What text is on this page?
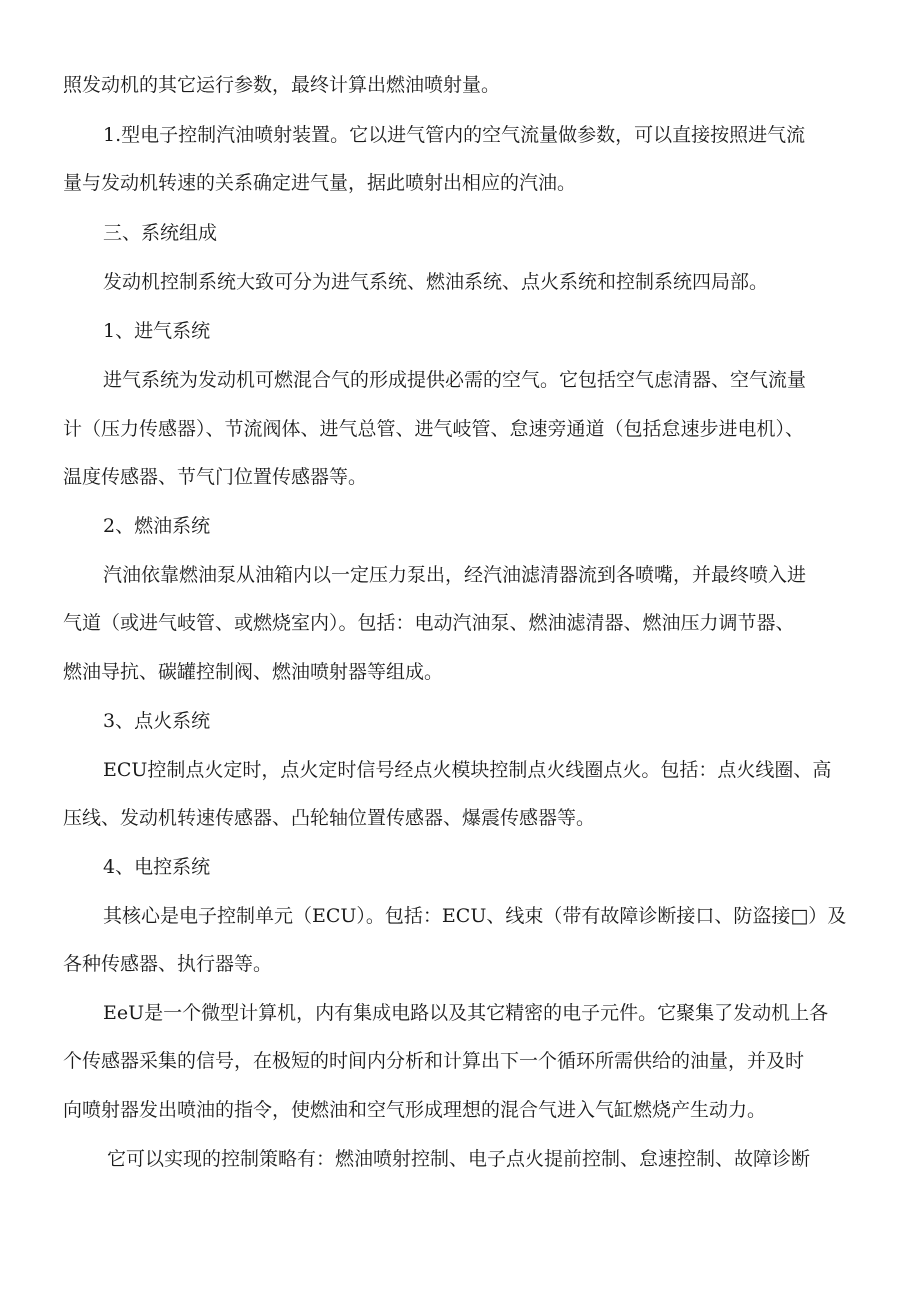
照发动机的其它运行参数，最终计算出燃油喷射量。
1.型电子控制汽油喷射装置。它以进气管内的空气流量做参数，可以直接按照进气流
量与发动机转速的关系确定进气量，据此喷射出相应的汽油。
三、系统组成
发动机控制系统大致可分为进气系统、燃油系统、点火系统和控制系统四局部。
1、进气系统
进气系统为发动机可燃混合气的形成提供必需的空气。它包括空气虑清器、空气流量
计（压力传感器）、节流阀体、进气总管、进气岐管、怠速旁通道（包括怠速步进电机）、
温度传感器、节气门位置传感器等。
2、燃油系统
汽油依靠燃油泵从油箱内以一定压力泵出，经汽油滤清器流到各喷嘴，并最终喷入进
气道（或进气岐管、或燃烧室内）。包括：电动汽油泵、燃油滤清器、燃油压力调节器、
燃油导抗、碳罐控制阀、燃油喷射器等组成。
3、点火系统
ECU控制点火定时，点火定时信号经点火模块控制点火线圈点火。包括：点火线圈、高
压线、发动机转速传感器、凸轮轴位置传感器、爆震传感器等。
4、电控系统
其核心是电子控制单元（ECU）。包括：ECU、线束（带有故障诊断接口、防盗接□）及
各种传感器、执行器等。
EeU是一个微型计算机，内有集成电路以及其它精密的电子元件。它聚集了发动机上各
个传感器采集的信号，在极短的时间内分析和计算出下一个循环所需供给的油量，并及时
向喷射器发出喷油的指令，使燃油和空气形成理想的混合气进入气缸燃烧产生动力。
它可以实现的控制策略有：燃油喷射控制、电子点火提前控制、怠速控制、故障诊断
